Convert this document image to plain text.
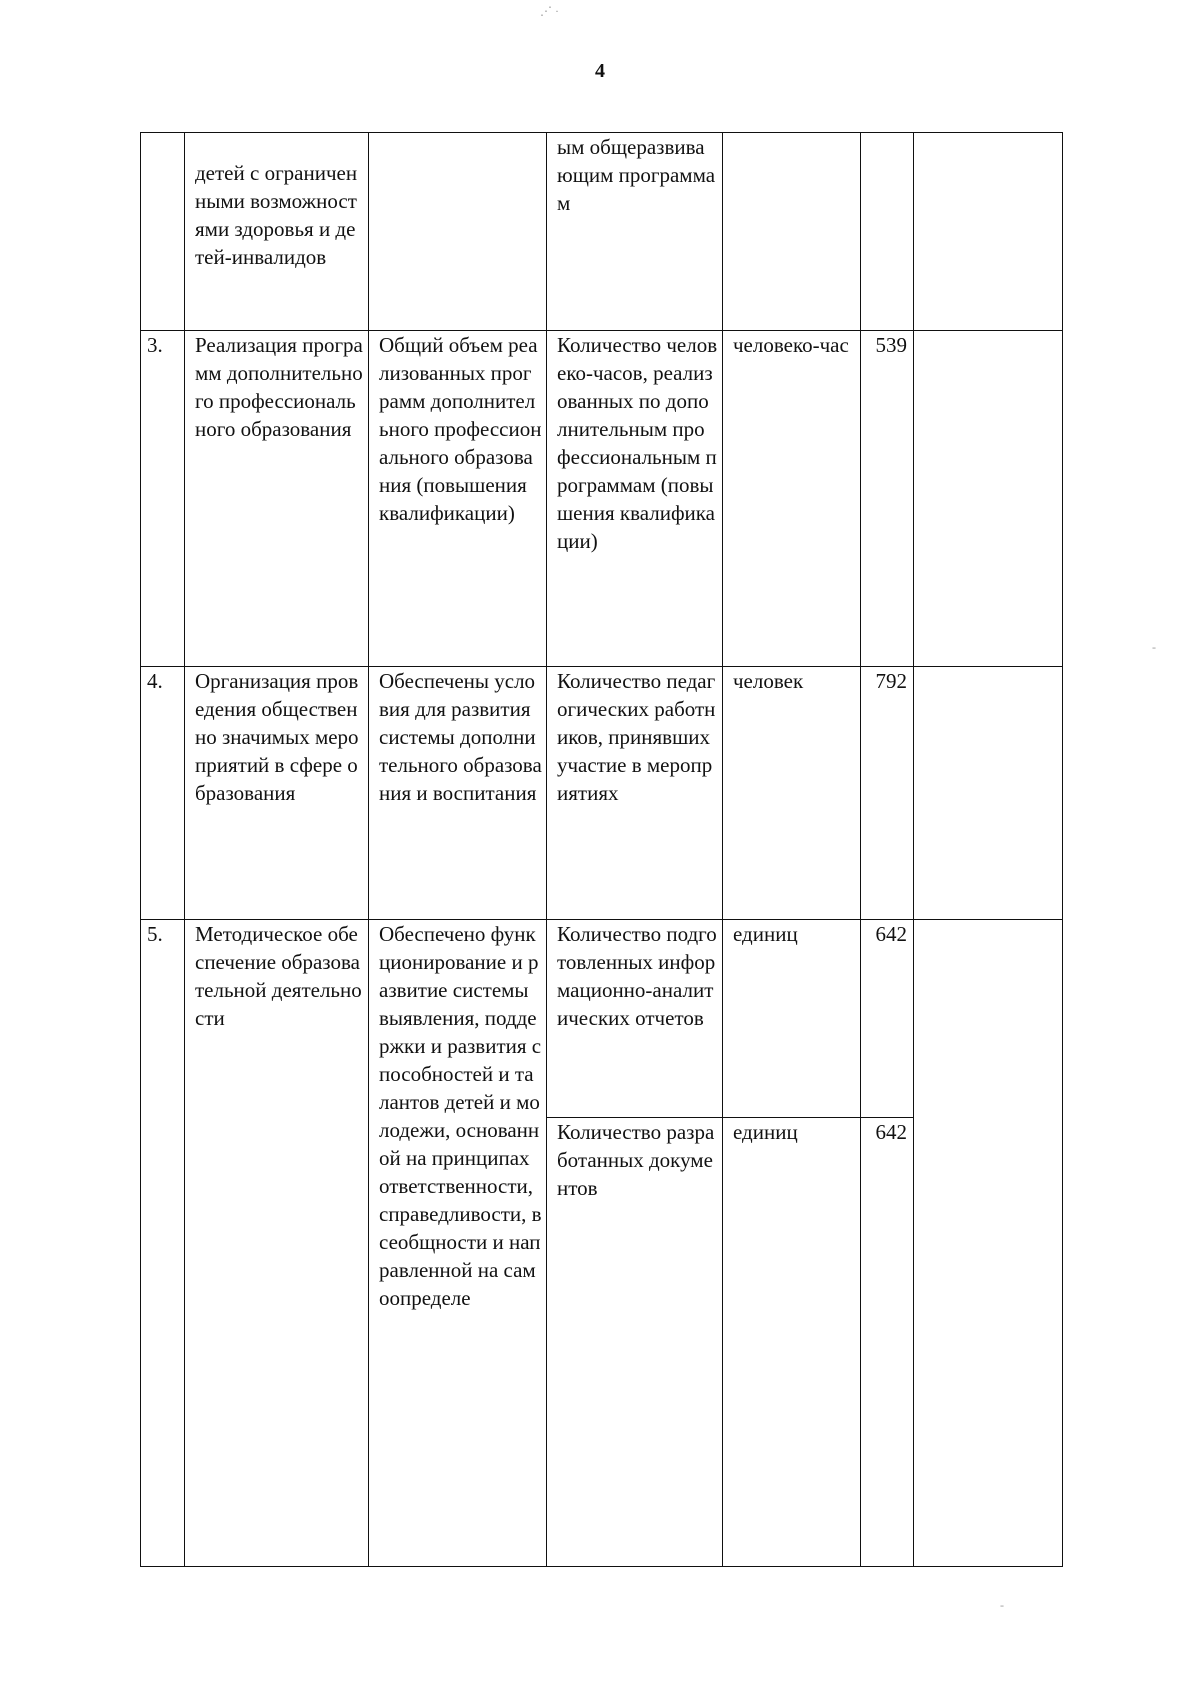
4
⋰ ·
-
-

	детей с ограниченными возможностями здоровья и детей-инвалидов		ым общеразвивающим программам			
3.	Реализация программ дополнительного профессионального образования	Общий объем реализованных программ дополнительного профессионального образования (повышения квалификации)	Количество человеко-часов, реализованных по дополнительным профессиональным программам (повышения квалификации)	человеко-час	539	
4.	Организация проведения общественно значимых мероприятий в сфере образования	Обеспечены условия для развития системы дополнительного образования и воспитания	Количество педагогических работников, принявших участие в мероприятиях	человек	792	
5.	Методическое обеспечение образовательной деятельности	Обеспечено функционирование и развитие системы выявления, поддержки и развития способностей и талантов детей и молодежи, основанной на принципах ответственности, справедливости, всеобщности и направленной на самоопределе	Количество подготовленных информационно-аналитических отчетов	единиц	642	
			Количество разработанных документов	единиц	642	
